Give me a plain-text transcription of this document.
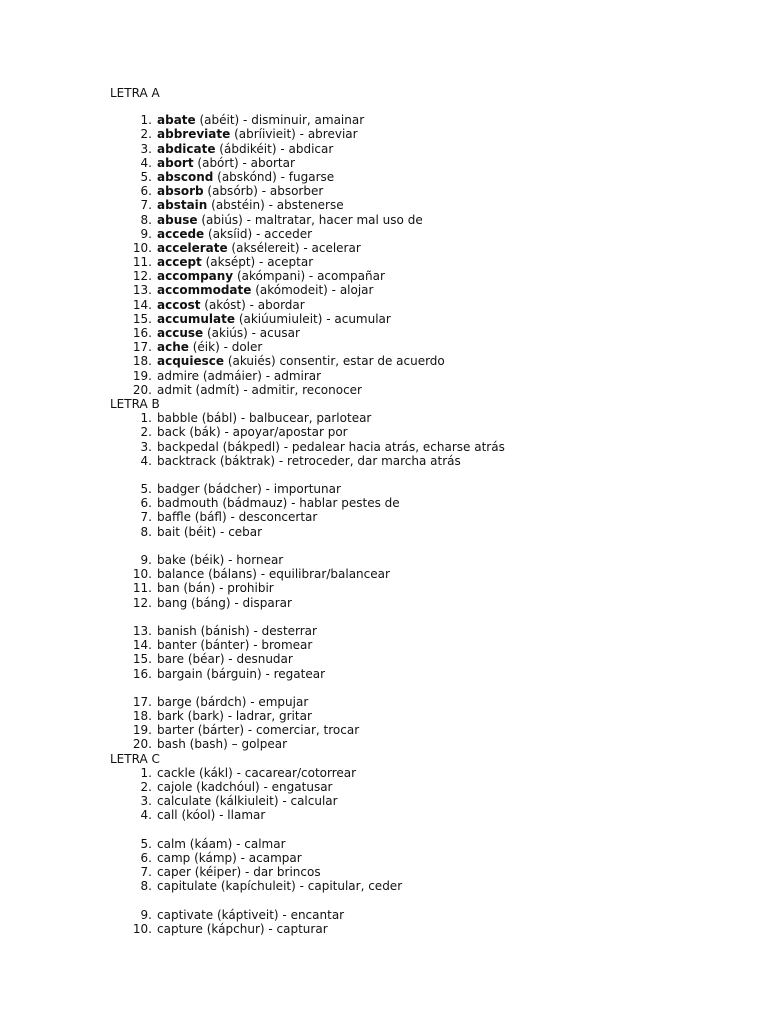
LETRA A
1. abate (abéit) - disminuir, amainar
2. abbreviate (abríivieit) - abreviar
3. abdicate (ábdikéit) - abdicar
4. abort (abórt) - abortar
5. abscond (abskónd) - fugarse
6. absorb (absórb) - absorber
7. abstain (abstéin) - abstenerse
8. abuse (abiús) - maltratar, hacer mal uso de
9. accede (aksíid) - acceder
10. accelerate (aksélereit) - acelerar
11. accept (aksépt) - aceptar
12. accompany (akómpani) - acompañar
13. accommodate (akómodeit) - alojar
14. accost (akóst) - abordar
15. accumulate (akiúumiuleit) - acumular
16. accuse (akiús) - acusar
17. ache (éik) - doler
18. acquiesce (akuiés) consentir, estar de acuerdo
19. admire (admáier) - admirar
20. admit (admít) - admitir, reconocer
LETRA B
1. babble (bábl) - balbucear, parlotear
2. back (bák) - apoyar/apostar por
3. backpedal (bákpedl) - pedalear hacia atrás, echarse atrás
4. backtrack (báktrak) - retroceder, dar marcha atrás
5. badger (bádcher) - importunar
6. badmouth (bádmauz) - hablar pestes de
7. baffle (báfl) - desconcertar
8. bait (béit) - cebar
9. bake (béik) - hornear
10. balance (bálans) - equilibrar/balancear
11. ban (bán) - prohibir
12. bang (báng) - disparar
13. banish (bánish) - desterrar
14. banter (bánter) - bromear
15. bare (béar) - desnudar
16. bargain (bárguin) - regatear
17. barge (bárdch) - empujar
18. bark (bark) - ladrar, gritar
19. barter (bárter) - comerciar, trocar
20. bash (bash) – golpear
LETRA C
1. cackle (kákl) - cacarear/cotorrear
2. cajole (kadchóul) - engatusar
3. calculate (kálkiuleit) - calcular
4. call (kóol) - llamar
5. calm (káam) - calmar
6. camp (kámp) - acampar
7. caper (kéiper) - dar brincos
8. capitulate (kapíchuleit) - capitular, ceder
9. captivate (káptiveit) - encantar
10. capture (kápchur) - capturar
